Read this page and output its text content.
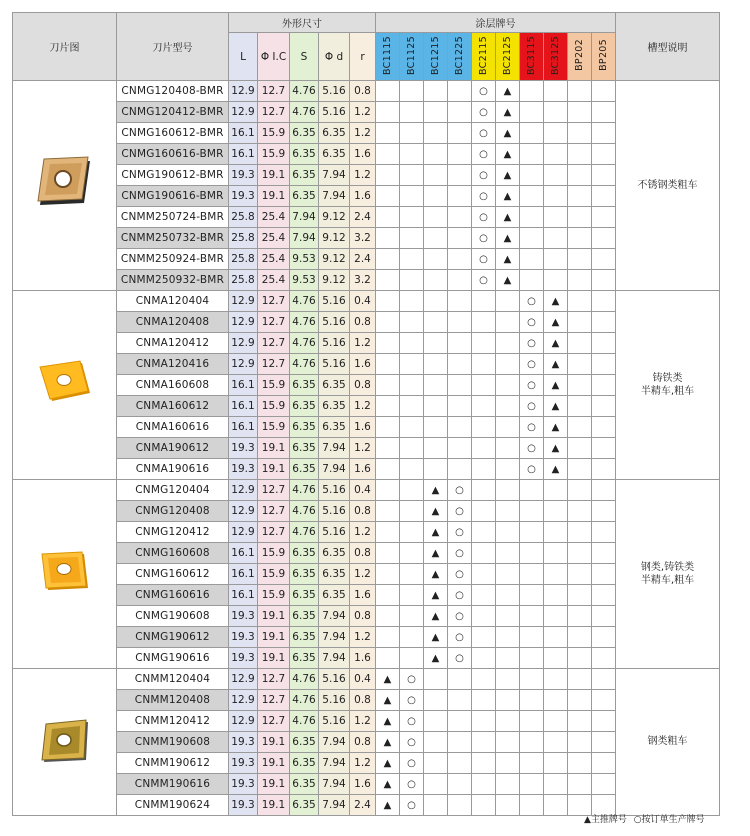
刀片图	刀片型号	外形尺寸					涂层牌号										槽型说明
		L	Φ I.C	S	Φ d	r	BC1115	BC1125	BC1215	BC1225	BC2115	BC2125	BC3115	BC3125	BP202	BP205	
	CNMG120408-BMR	12.9	12.7	4.76	5.16	0.8					○	▲					不锈钢类粗车

	CNMG120412-BMR	12.9	12.7	4.76	5.16	1.2					○	▲					
	CNMG160612-BMR	16.1	15.9	6.35	6.35	1.2					○	▲					
	CNMG160616-BMR	16.1	15.9	6.35	6.35	1.6					○	▲					
	CNMG190612-BMR	19.3	19.1	6.35	7.94	1.2					○	▲					
	CNMG190616-BMR	19.3	19.1	6.35	7.94	1.6					○	▲					
	CNMM250724-BMR	25.8	25.4	7.94	9.12	2.4					○	▲					
	CNMM250732-BMR	25.8	25.4	7.94	9.12	3.2					○	▲					
	CNMM250924-BMR	25.8	25.4	9.53	9.12	2.4					○	▲					
	CNMM250932-BMR	25.8	25.4	9.53	9.12	3.2					○	▲					
	CNMA120404	12.9	12.7	4.76	5.16	0.4							○	▲			铸铁类
半精车,粗车

	CNMA120408	12.9	12.7	4.76	5.16	0.8							○	▲			
	CNMA120412	12.9	12.7	4.76	5.16	1.2							○	▲			
	CNMA120416	12.9	12.7	4.76	5.16	1.6							○	▲			
	CNMA160608	16.1	15.9	6.35	6.35	0.8							○	▲			
	CNMA160612	16.1	15.9	6.35	6.35	1.2							○	▲			
	CNMA160616	16.1	15.9	6.35	6.35	1.6							○	▲			
	CNMA190612	19.3	19.1	6.35	7.94	1.2							○	▲			
	CNMA190616	19.3	19.1	6.35	7.94	1.6							○	▲			
	CNMG120404	12.9	12.7	4.76	5.16	0.4			▲	○							钢类,铸铁类
半精车,粗车

	CNMG120408	12.9	12.7	4.76	5.16	0.8			▲	○							
	CNMG120412	12.9	12.7	4.76	5.16	1.2			▲	○							
	CNMG160608	16.1	15.9	6.35	6.35	0.8			▲	○							
	CNMG160612	16.1	15.9	6.35	6.35	1.2			▲	○							
	CNMG160616	16.1	15.9	6.35	6.35	1.6			▲	○							
	CNMG190608	19.3	19.1	6.35	7.94	0.8			▲	○							
	CNMG190612	19.3	19.1	6.35	7.94	1.2			▲	○							
	CNMG190616	19.3	19.1	6.35	7.94	1.6			▲	○							
	CNMM120404	12.9	12.7	4.76	5.16	0.4	▲	○									钢类粗车

	CNMM120408	12.9	12.7	4.76	5.16	0.8	▲	○									
	CNMM120412	12.9	12.7	4.76	5.16	1.2	▲	○									
	CNMM190608	19.3	19.1	6.35	7.94	0.8	▲	○									
	CNMM190612	19.3	19.1	6.35	7.94	1.2	▲	○									
	CNMM190616	19.3	19.1	6.35	7.94	1.6	▲	○									
	CNMM190624	19.3	19.1	6.35	7.94	2.4	▲	○									
▲主推牌号 ○按订单生产牌号
